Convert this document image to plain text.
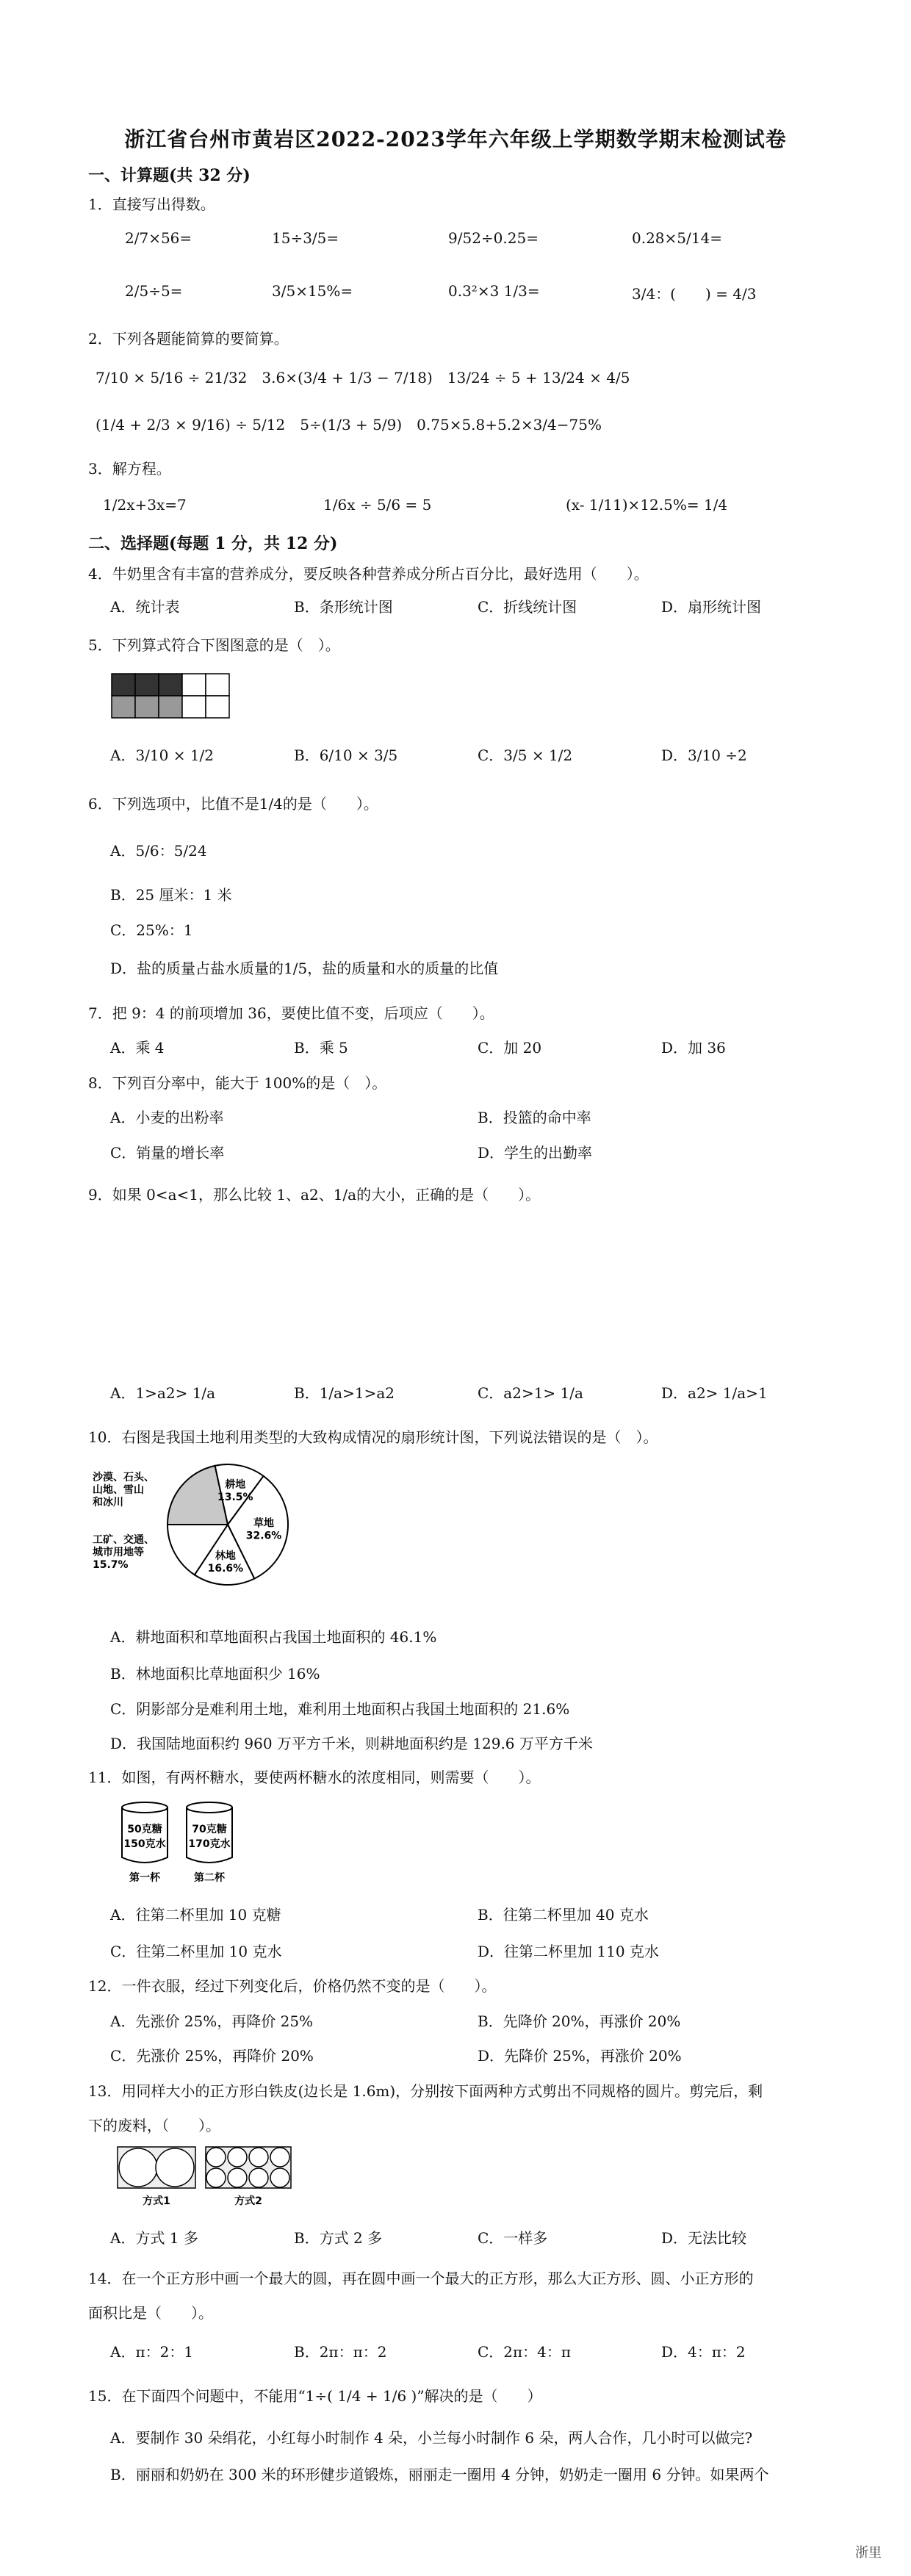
浙江省台州市黄岩区2022-2023学年六年级上学期数学期末检测试卷
一、计算题(共 32 分)
1．直接写出得数。
2/7×56=	15÷3/5=	9/52÷0.25=	0.28×5/14=
2/5÷5=	3/5×15%=	0.3²×3 1/3=	3/4：(　　) = 4/3
2．下列各题能简算的要简算。
7/10 × 5/16 ÷ 21/32　3.6×(3/4 + 1/3 − 7/18)　13/24 ÷ 5 + 13/24 × 4/5
(1/4 + 2/3 × 9/16) ÷ 5/12　5÷(1/3 + 5/9)　0.75×5.8+5.2×3/4−75%
3．解方程。
1/2x+3x=7	1/6x ÷ 5/6 = 5	(x- 1/11)×12.5%= 1/4
二、选择题(每题 1 分，共 12 分)
4．牛奶里含有丰富的营养成分，要反映各种营养成分所占百分比，最好选用（　　）。
A．统计表	B．条形统计图	C．折线统计图	D．扇形统计图
5．下列算式符合下图图意的是（　）。
A．3/10 × 1/2	B．6/10 × 3/5	C．3/5 × 1/2	D．3/10 ÷2
6．下列选项中，比值不是1/4的是（　　）。
A．5/6：5/24
B．25 厘米：1 米
C．25%：1
D．盐的质量占盐水质量的1/5，盐的质量和水的质量的比值
7．把 9：4 的前项增加 36，要使比值不变，后项应（　　）。
A．乘 4	B．乘 5	C．加 20	D．加 36
8．下列百分率中，能大于 100%的是（　）。
A．小麦的出粉率	B．投篮的命中率
C．销量的增长率	D．学生的出勤率
9．如果 0<a<1，那么比较 1、a2、1/a的大小，正确的是（　　）。
A．1>a2> 1/a	B．1/a>1>a2	C．a2>1> 1/a	D．a2> 1/a>1
10．右图是我国土地利用类型的大致构成情况的扇形统计图，下列说法错误的是（　）。
耕地
13.5%
草地
32.6%
林地
16.6%
沙漠、石头、
山地、雪山
和冰川
工矿、交通、
城市用地等
15.7%
A．耕地面积和草地面积占我国土地面积的 46.1%
B．林地面积比草地面积少 16%
C．阴影部分是难利用土地，难利用土地面积占我国土地面积的 21.6%
D．我国陆地面积约 960 万平方千米，则耕地面积约是 129.6 万平方千米
11．如图，有两杯糖水，要使两杯糖水的浓度相同，则需要（　　）。
50克糖
150克水
70克糖
170克水
第一杯	第二杯
A．往第二杯里加 10 克糖	B．往第二杯里加 40 克水
C．往第二杯里加 10 克水	D．往第二杯里加 110 克水
12．一件衣服，经过下列变化后，价格仍然不变的是（　　）。
A．先涨价 25%，再降价 25%	B．先降价 20%，再涨价 20%
C．先涨价 25%，再降价 20%	D．先降价 25%，再涨价 20%
13．用同样大小的正方形白铁皮(边长是 1.6m)，分别按下面两种方式剪出不同规格的圆片。剪完后，剩
下的废料，（　　）。
方式1	方式2
A．方式 1 多	B．方式 2 多	C．一样多	D．无法比较
14．在一个正方形中画一个最大的圆，再在圆中画一个最大的正方形，那么大正方形、圆、小正方形的
面积比是（　　）。
A．π：2：1	B．2π：π：2	C．2π：4：π	D．4：π：2
15．在下面四个问题中，不能用“1÷( 1/4 + 1/6 )”解决的是（　　）
A．要制作 30 朵绢花，小红每小时制作 4 朵，小兰每小时制作 6 朵，两人合作，几小时可以做完?
B．丽丽和奶奶在 300 米的环形健步道锻炼，丽丽走一圈用 4 分钟，奶奶走一圈用 6 分钟。如果两个
浙里
